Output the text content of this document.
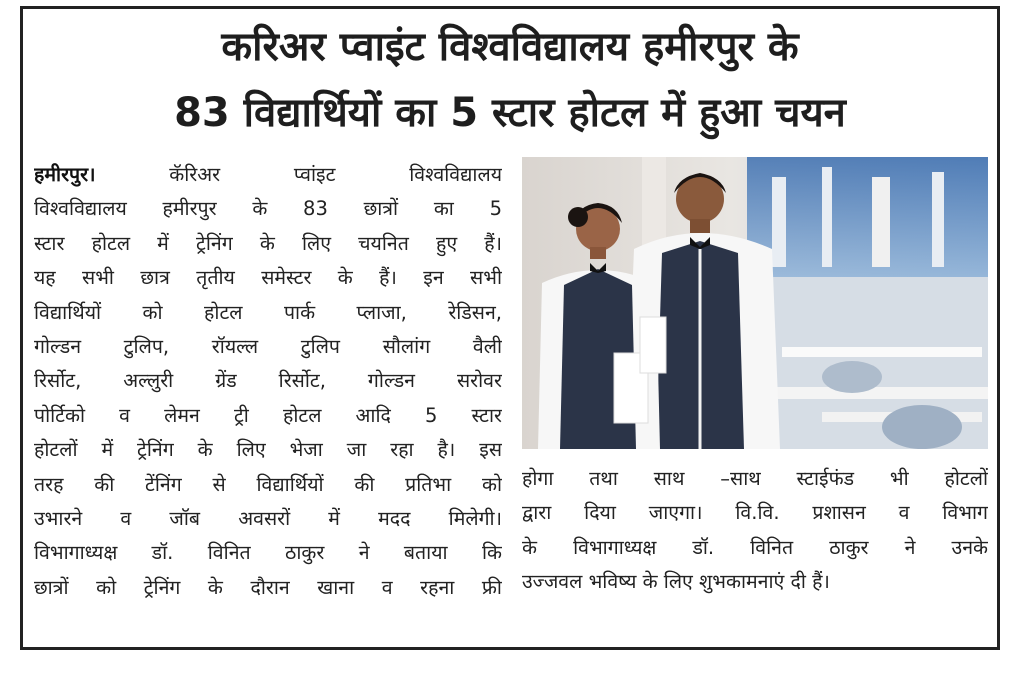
करिअर प्वाइंट विश्वविद्यालय हमीरपुर के
83 विद्यार्थियों का 5 स्टार होटल में हुआ चयन
हमीरपुर। कॅरिअर प्वांइट विश्वविद्यालय
विश्वविद्यालय हमीरपुर के 83 छात्रों का 5
स्टार होटल में ट्रेनिंग के लिए चयनित हुए हैं।
यह सभी छात्र तृतीय समेस्टर के हैं। इन सभी
विद्यार्थियों को होटल पार्क प्लाजा, रेडिसन,
गोल्डन टुलिप, रॉयल्ल टुलिप सौलांग वैली
रिर्सोट, अल्लुरी ग्रेंड रिर्सोट, गोल्डन सरोवर
पोर्टिको व लेमन ट्री होटल आदि 5 स्टार
होटलों में ट्रेनिंग के लिए भेजा जा रहा है। इस
तरह की टेंनिंग से विद्यार्थियों की प्रतिभा को
उभारने व जॉब अवसरों में मदद मिलेगी।
विभागाध्यक्ष डॉ. विनित ठाकुर ने बताया कि
छात्रों को ट्रेनिंग के दौरान खाना व रहना फ्री
होगा तथा साथ –साथ स्टाईफंड भी होटलों
द्वारा दिया जाएगा। वि.वि. प्रशासन व विभाग
के विभागाध्यक्ष डॉ. विनित ठाकुर ने उनके
उज्जवल भविष्य के लिए शुभकामनाएं दी हैं।
